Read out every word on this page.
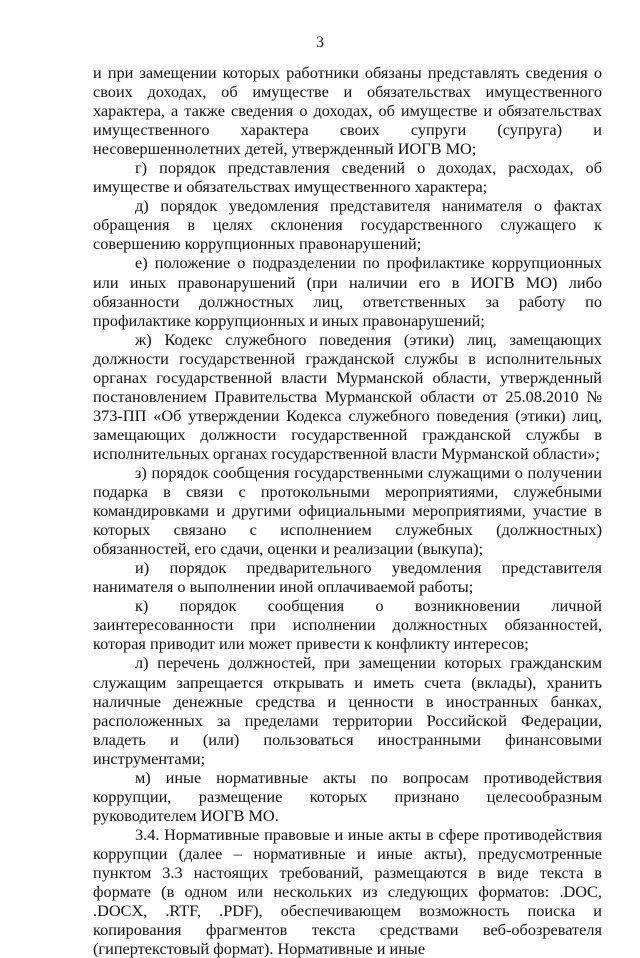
3

и при замещении которых работники обязаны представлять сведения о своих доходах, об имуществе и обязательствах имущественного характера, а также сведения о доходах, об имуществе и обязательствах имущественного характера своих супруги (супруга) и несовершеннолетних детей, утвержденный ИОГВ МО;

г) порядок представления сведений о доходах, расходах, об имуществе и обязательствах имущественного характера;

д) порядок уведомления представителя нанимателя о фактах обращения в целях склонения государственного служащего к совершению коррупционных правонарушений;

е) положение о подразделении по профилактике коррупционных или иных правонарушений (при наличии его в ИОГВ МО) либо обязанности должностных лиц, ответственных за работу по профилактике коррупционных и иных правонарушений;

ж) Кодекс служебного поведения (этики) лиц, замещающих должности государственной гражданской службы в исполнительных органах государственной власти Мурманской области, утвержденный постановлением Правительства Мурманской области от 25.08.2010 № 373-ПП «Об утверждении Кодекса служебного поведения (этики) лиц, замещающих должности государственной гражданской службы в исполнительных органах государственной власти Мурманской области»;

з) порядок сообщения государственными служащими о получении подарка в связи с протокольными мероприятиями, служебными командировками и другими официальными мероприятиями, участие в которых связано с исполнением служебных (должностных) обязанностей, его сдачи, оценки и реализации (выкупа);

и) порядок предварительного уведомления представителя нанимателя о выполнении иной оплачиваемой работы;

к) порядок сообщения о возникновении личной заинтересованности при исполнении должностных обязанностей, которая приводит или может привести к конфликту интересов;

л) перечень должностей, при замещении которых гражданским служащим запрещается открывать и иметь счета (вклады), хранить наличные денежные средства и ценности в иностранных банках, расположенных за пределами территории Российской Федерации, владеть и (или) пользоваться иностранными финансовыми инструментами;

м) иные нормативные акты по вопросам противодействия коррупции, размещение которых признано целесообразным руководителем ИОГВ МО.

3.4. Нормативные правовые и иные акты в сфере противодействия коррупции (далее – нормативные и иные акты), предусмотренные пунктом 3.3 настоящих требований, размещаются в виде текста в формате (в одном или нескольких из следующих форматов: .DOC, .DOCX, .RTF, .PDF), обеспечивающем возможность поиска и копирования фрагментов текста средствами веб-обозревателя (гипертекстовый формат). Нормативные и иные
